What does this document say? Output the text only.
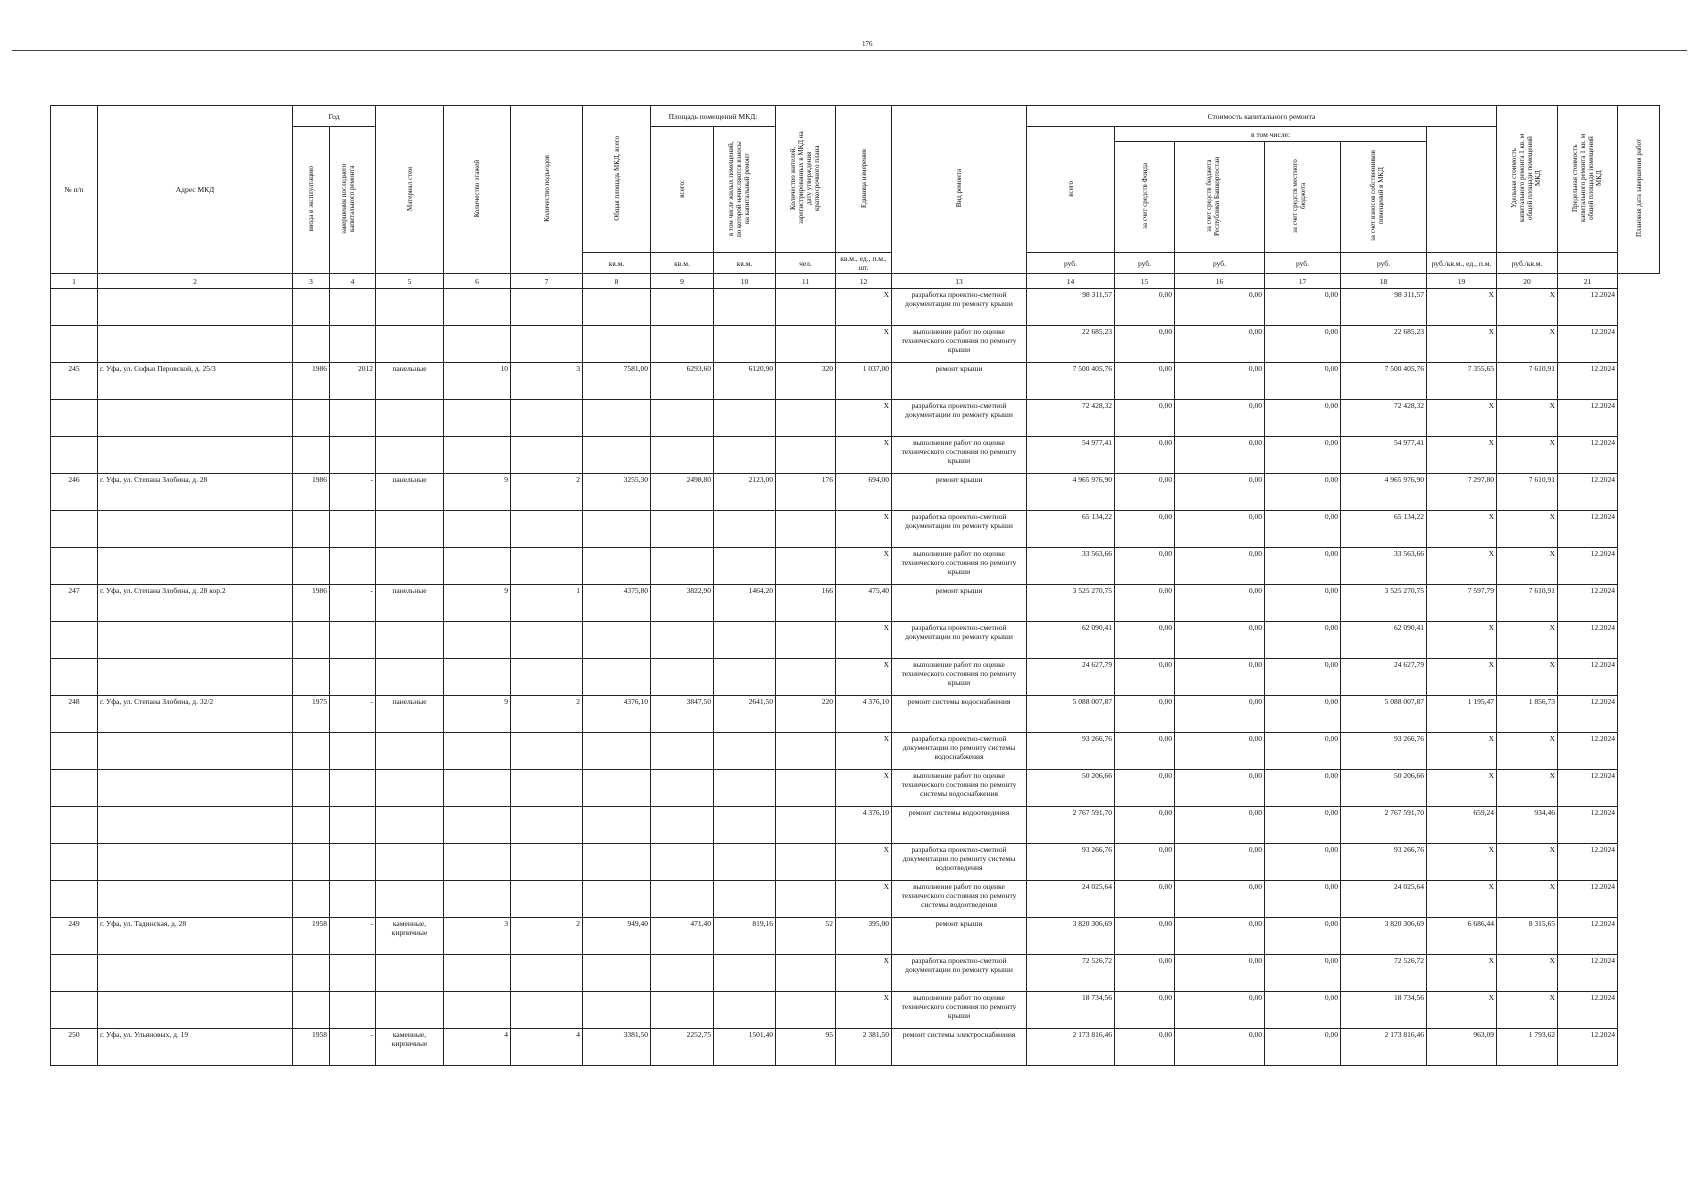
176
№ п/п	Адрес МКД	Год		Материал стен	Количество этажей	Количество подъездов	Общая площадь МКД, всего	Площадь помещений МКД:		Количество жителей, зарегистрированных в МКД на дату утверждения краткосрочного плана	Единица измерения	Вид ремонта	Стоимость капитального ремонта						Удельная стоимость капитального ремонта 1 кв. м общей площади помещений МКД	Предельная стоимость капитального ремонта 1 кв. м общей площади помещений МКД	Плановая дата завершения работ
		ввода в эксплуатацию	завершения последнего капитального ремонта					всего:	в том числе жилых помещений, по которой начисляются взносы на капитальный ремонт				всего	в том числе:							
														за счет средств Фонда	за счет средств бюджета Республики Башкортостан	за счет средств местного бюджета	за счет взносов собственников помещений в МКД				
							кв.м.	кв.м.	кв.м.	чел.	кв.м., ед., п.м., шт.		руб.	руб.	руб.	руб.	руб.	руб./кв.м., ед., п.м.	руб./кв.м.		
1	2	3	4	5	6	7	8	9	10	11	12	13	14	15	16	17	18	19	20	21	
											X	разработка проектно-сметной документации по ремонту крыши	98 311,57	0,00	0,00	0,00	98 311,57	X	X	12.2024	
											X	выполнение работ по оценке технического состояния по ремонту крыши	22 685,23	0,00	0,00	0,00	22 685,23	X	X	12.2024	
245	г. Уфа, ул. Софьи Перовской, д. 25/3	1986	2012	панельные	10	3	7581,00	6293,60	6120,90	320	1 037,00	ремонт крыши	7 500 405,76	0,00	0,00	0,00	7 500 405,76	7 355,65	7 610,91	12.2024	
											X	разработка проектно-сметной документации по ремонту крыши	72 428,32	0,00	0,00	0,00	72 428,32	X	X	12.2024	
											X	выполнение работ по оценке технического состояния по ремонту крыши	54 977,41	0,00	0,00	0,00	54 977,41	X	X	12.2024	
246	г. Уфа, ул. Степана Злобина, д. 28	1986	-	панельные	9	2	3255,30	2498,80	2123,00	176	694,00	ремонт крыши	4 965 976,90	0,00	0,00	0,00	4 965 976,90	7 297,80	7 610,91	12.2024	
											X	разработка проектно-сметной документации по ремонту крыши	65 134,22	0,00	0,00	0,00	65 134,22	X	X	12.2024	
											X	выполнение работ по оценке технического состояния по ремонту крыши	33 563,66	0,00	0,00	0,00	33 563,66	X	X	12.2024	
247	г. Уфа, ул. Степана Злобина, д. 28 кор.2	1986	-	панельные	9	1	4375,80	3822,90	1464,20	166	475,40	ремонт крыши	3 525 270,75	0,00	0,00	0,00	3 525 270,75	7 597,79	7 610,91	12.2024	
											X	разработка проектно-сметной документации по ремонту крыши	62 090,41	0,00	0,00	0,00	62 090,41	X	X	12.2024	
											X	выполнение работ по оценке технического состояния по ремонту крыши	24 627,79	0,00	0,00	0,00	24 627,79	X	X	12.2024	
248	г. Уфа, ул. Степана Злобина, д. 32/2	1975	-	панельные	9	2	4376,10	3847,50	2641,50	220	4 376,10	ремонт системы водоснабжения	5 088 007,87	0,00	0,00	0,00	5 088 007,87	1 195,47	1 856,73	12.2024	
											X	разработка проектно-сметной документации по ремонту системы водоснабжения	93 266,76	0,00	0,00	0,00	93 266,76	X	X	12.2024	
											X	выполнение работ по оценке технического состояния по ремонту системы водоснабжения	50 206,66	0,00	0,00	0,00	50 206,66	X	X	12.2024	
											4 376,10	ремонт системы водоотведения	2 767 591,70	0,00	0,00	0,00	2 767 591,70	659,24	934,46	12.2024	
											X	разработка проектно-сметной документации по ремонту системы водоотведения	93 266,76	0,00	0,00	0,00	93 266,76	X	X	12.2024	
											X	выполнение работ по оценке технического состояния по ремонту системы водоотведения	24 025,64	0,00	0,00	0,00	24 025,64	X	X	12.2024	
249	г. Уфа, ул. Тадинская, д. 28	1958	-	каменные, кирпичные	3	2	949,40	471,40	819,16	52	395,00	ремонт крыши	3 820 306,69	0,00	0,00	0,00	3 820 306,69	6 686,44	8 315,65	12.2024	
											X	разработка проектно-сметной документации по ремонту крыши	72 526,72	0,00	0,00	0,00	72 526,72	X	X	12.2024	
											X	выполнение работ по оценке технического состояния по ремонту крыши	18 734,56	0,00	0,00	0,00	18 734,56	X	X	12.2024	
250	г. Уфа, ул. Ульяновых, д. 19	1958	-	каменные, кирпичные	4	4	3381,50	2252,75	1501,40	95	2 381,50	ремонт системы электроснабжения	2 173 816,46	0,00	0,00	0,00	2 173 816,46	963,09	1 793,62	12.2024	
